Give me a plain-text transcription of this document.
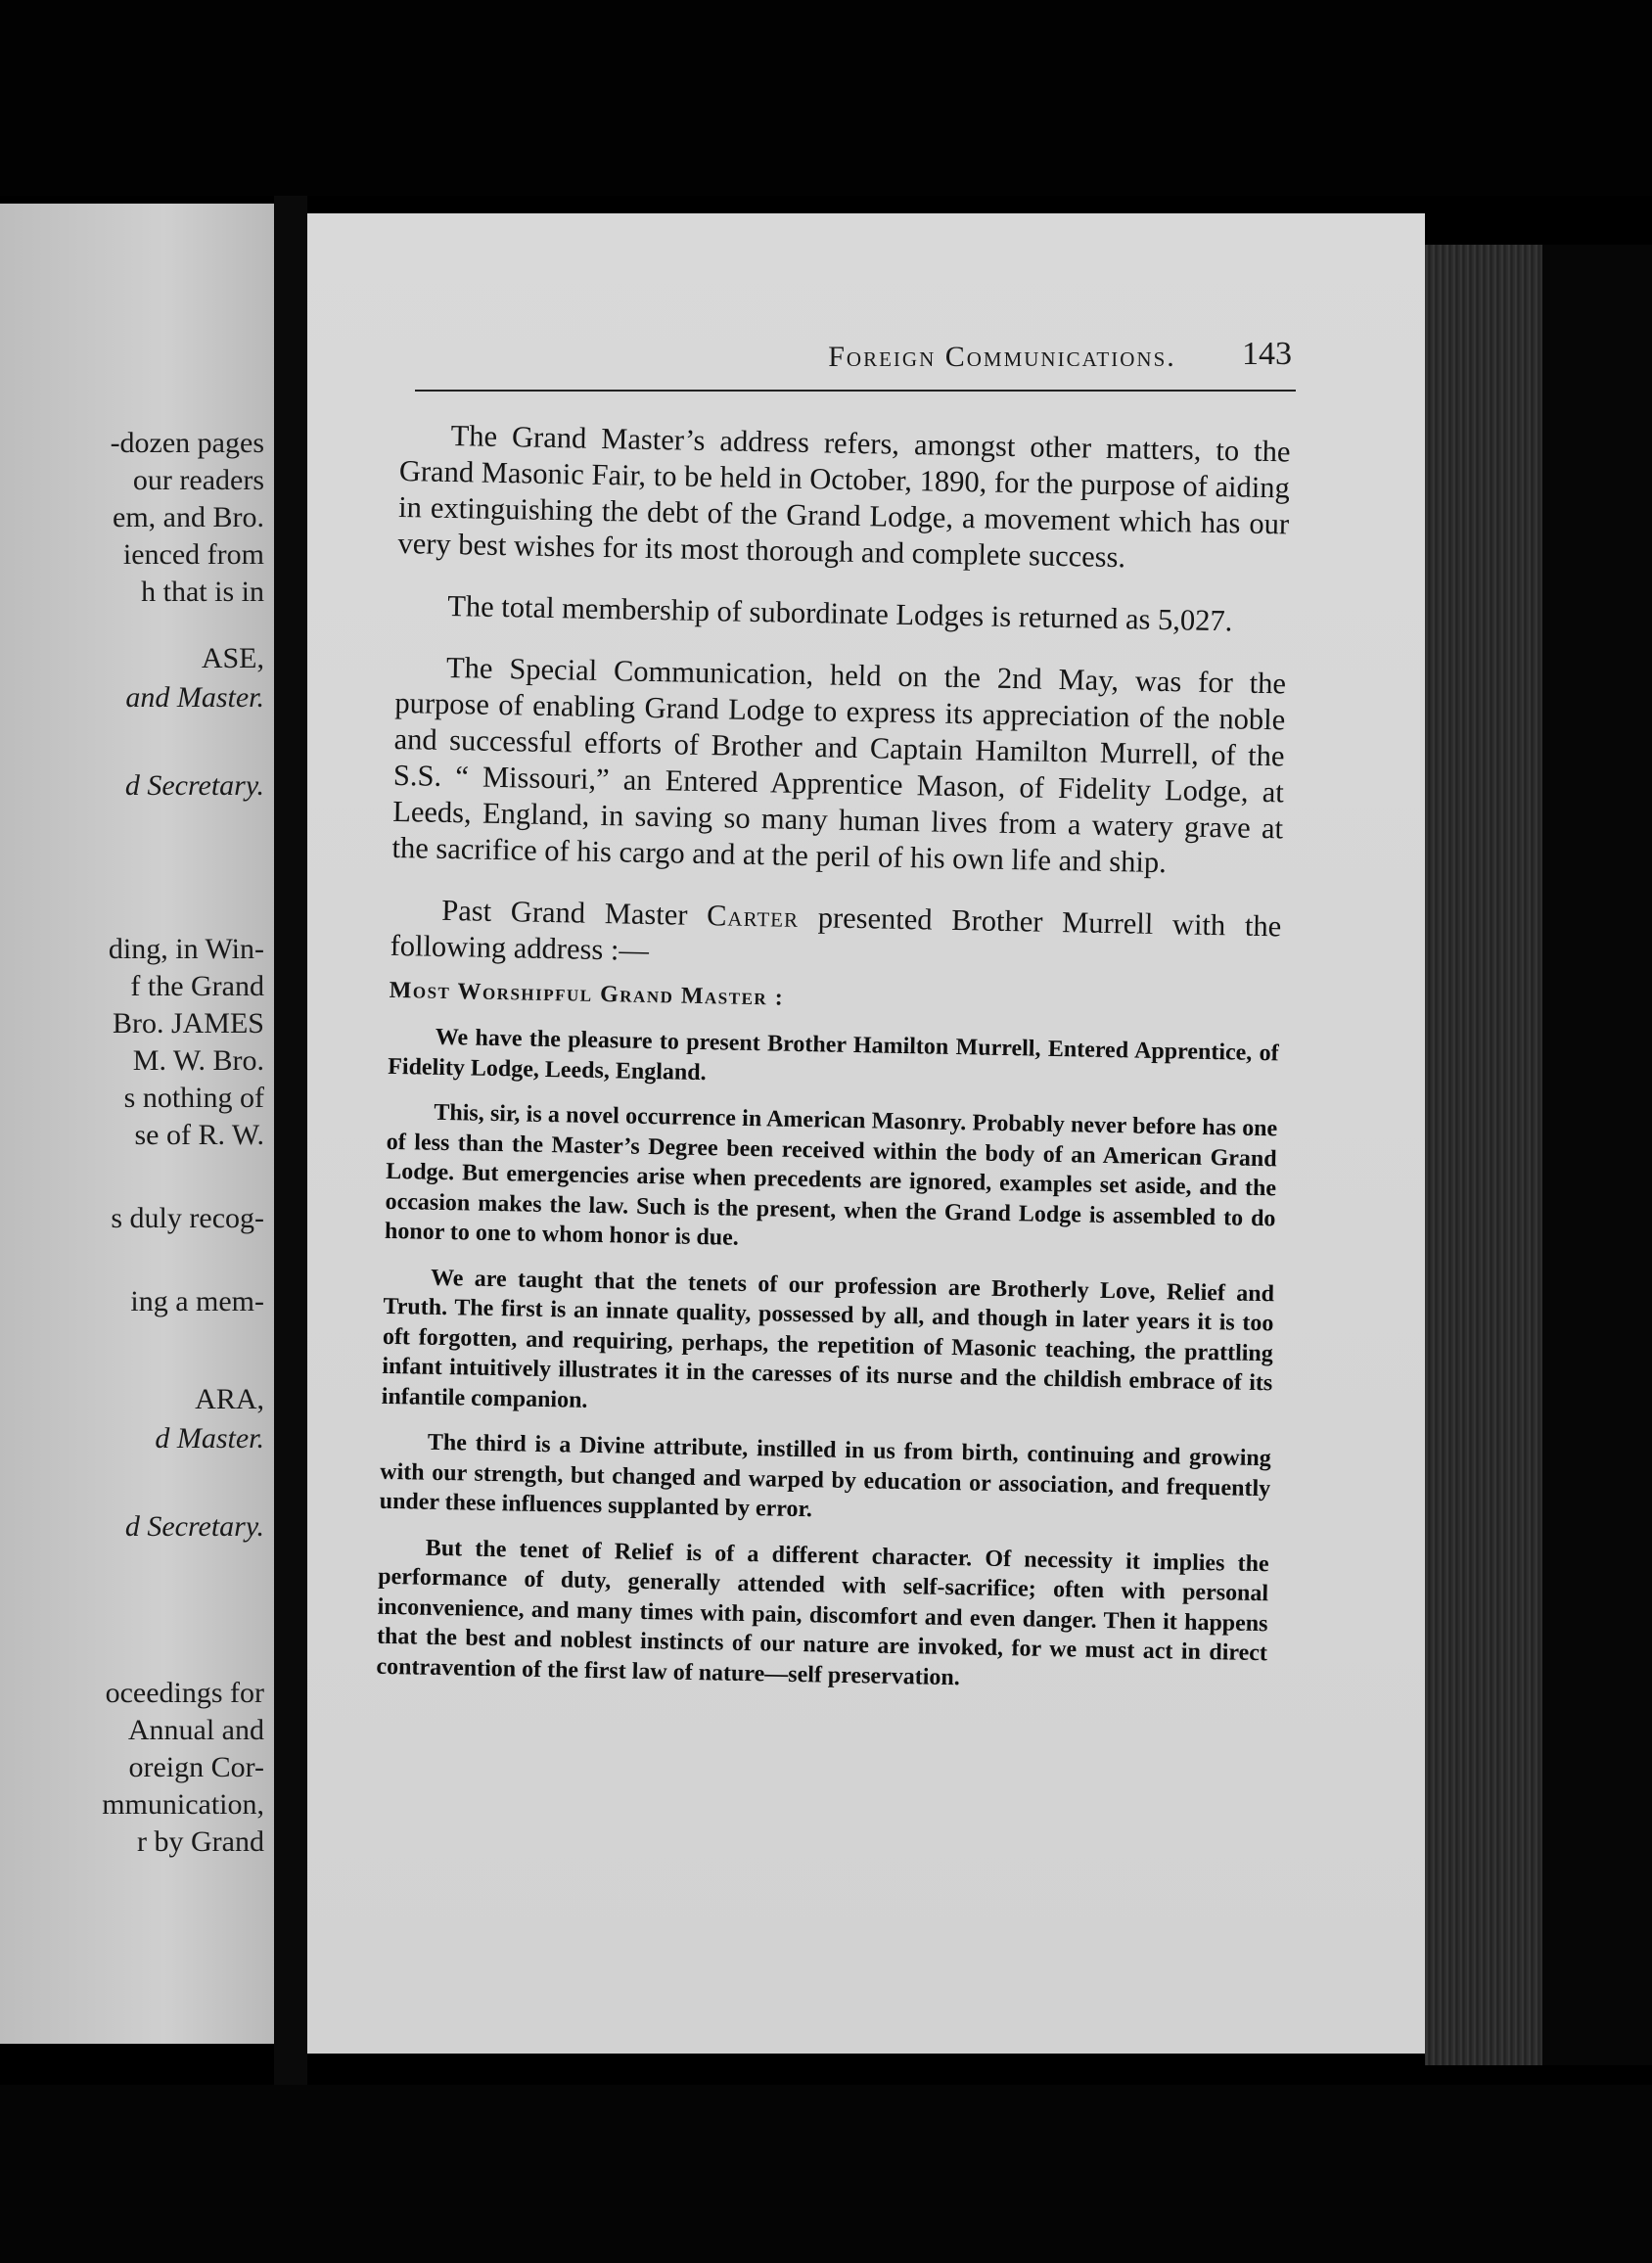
-dozen pages
our readers
em, and Bro.
ienced from
h that is in
ASE,
and Master.
d Secretary.
ding, in Win-
f the Grand
Bro. JAMES
M. W. Bro.
s nothing of
se of R. W.
s duly recog-
ing a mem-
ARA,
d Master.
d Secretary.
oceedings for
Annual and
oreign Cor-
mmunication,
r by Grand
Foreign Communications.	143

The Grand Master’s address refers, amongst other matters, to the Grand Masonic Fair, to be held in October, 1890, for the purpose of aiding in extinguishing the debt of the Grand Lodge, a movement which has our very best wishes for its most thorough and complete success.

The total membership of subordinate Lodges is returned as 5,027.

The Special Communication, held on the 2nd May, was for the purpose of enabling Grand Lodge to express its appreciation of the noble and successful efforts of Brother and Captain Hamilton Murrell, of the S.S. “ Missouri,” an Entered Apprentice Mason, of Fidelity Lodge, at Leeds, England, in saving so many human lives from a watery grave at the sacrifice of his cargo and at the peril of his own life and ship.

Past Grand Master Carter presented Brother Murrell with the following address :—

Most Worshipful Grand Master :

We have the pleasure to present Brother Hamilton Murrell, Entered Apprentice, of Fidelity Lodge, Leeds, England.

This, sir, is a novel occurrence in American Masonry. Probably never before has one of less than the Master’s Degree been received within the body of an American Grand Lodge. But emergencies arise when precedents are ignored, examples set aside, and the occasion makes the law. Such is the present, when the Grand Lodge is assembled to do honor to one to whom honor is due.

We are taught that the tenets of our profession are Brotherly Love, Relief and Truth. The first is an innate quality, possessed by all, and though in later years it is too oft forgotten, and requiring, perhaps, the repetition of Masonic teaching, the prattling infant intuitively illustrates it in the caresses of its nurse and the childish embrace of its infantile companion.

The third is a Divine attribute, instilled in us from birth, continuing and growing with our strength, but changed and warped by education or association, and frequently under these influences supplanted by error.

But the tenet of Relief is of a different character. Of necessity it implies the performance of duty, generally attended with self-sacrifice; often with personal inconvenience, and many times with pain, discomfort and even danger. Then it happens that the best and noblest instincts of our nature are invoked, for we must act in direct contravention of the first law of nature—self preservation.
